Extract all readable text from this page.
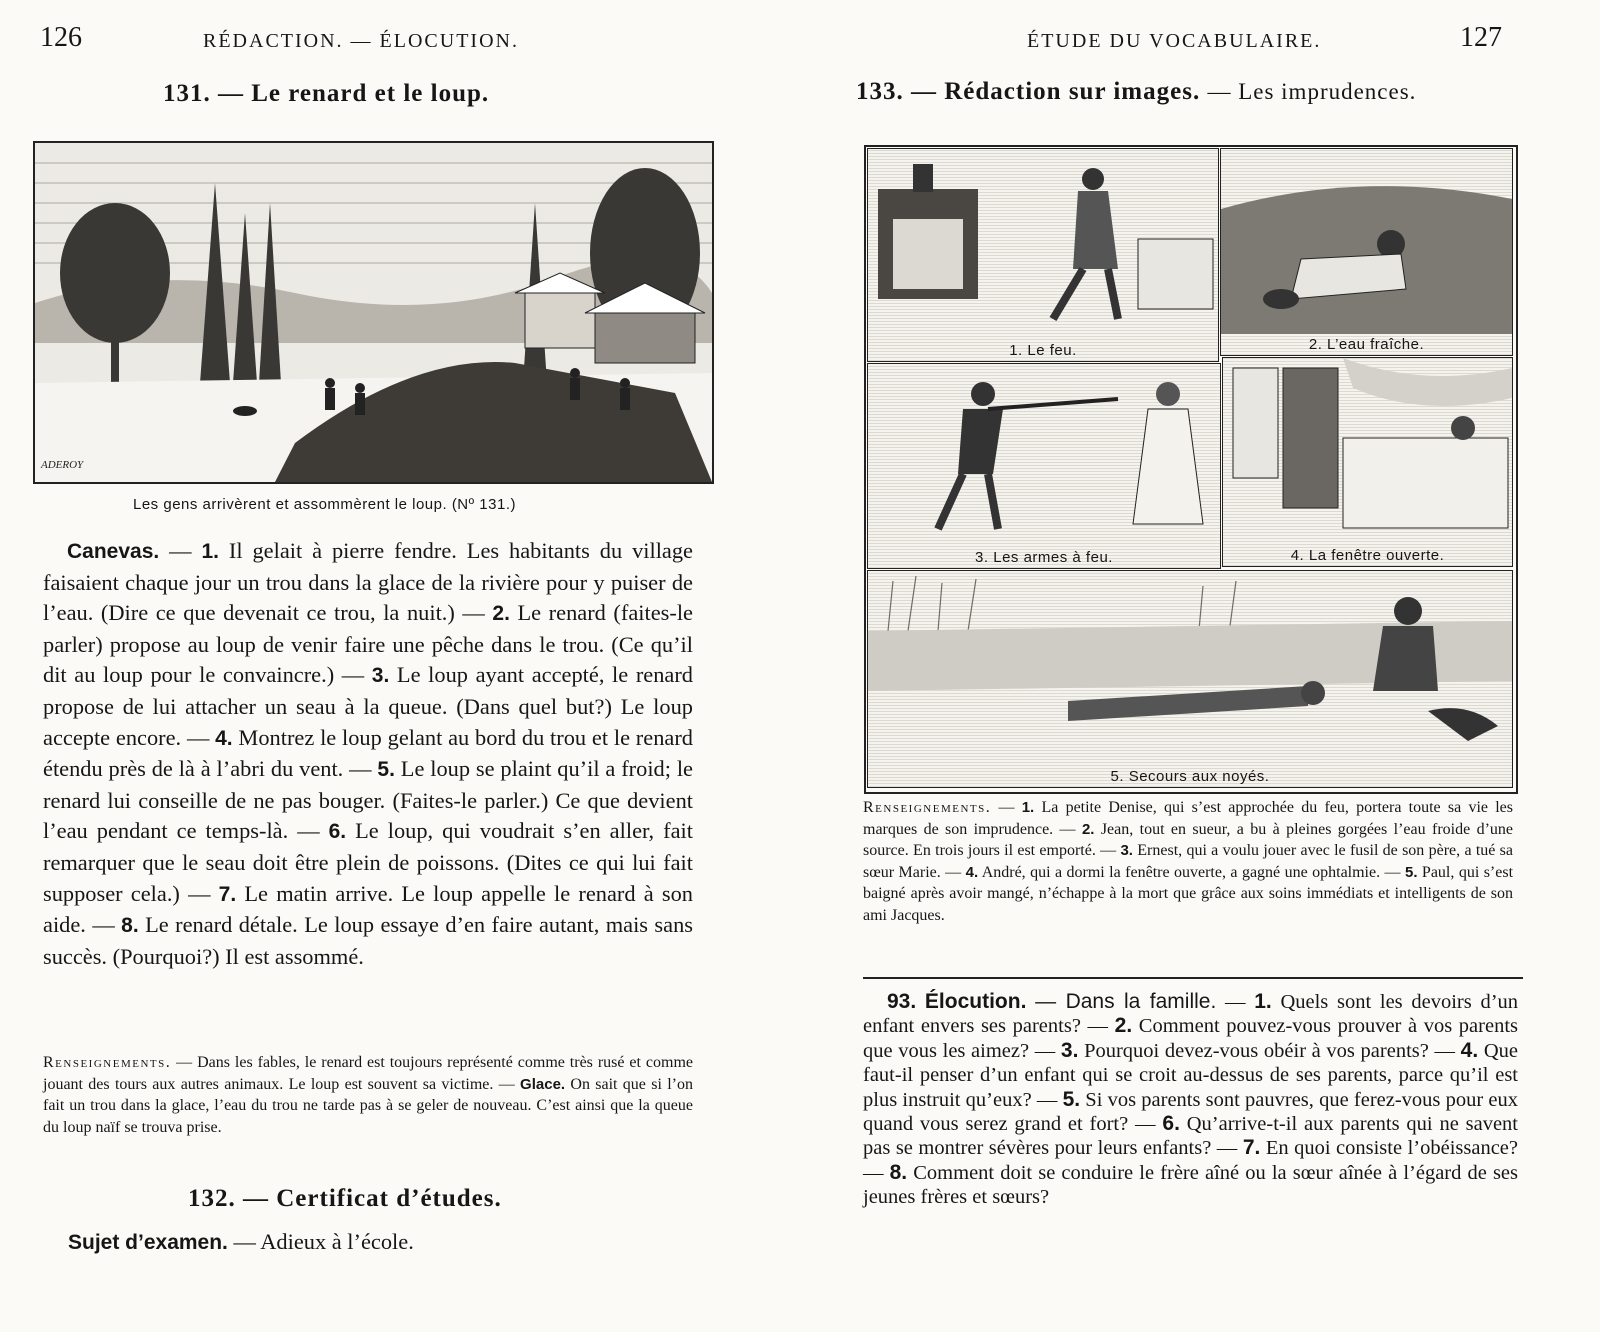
126	RÉDACTION. — ÉLOCUTION.
131. — Le renard et le loup.
ADEROY
Les gens arrivèrent et assommèrent le loup. (Nº 131.)

Canevas. — 1. Il gelait à pierre fendre. Les habitants du village faisaient chaque jour un trou dans la glace de la rivière pour y puiser de l’eau. (Dire ce que devenait ce trou, la nuit.) — 2. Le renard (faites-le parler) propose au loup de venir faire une pêche dans le trou. (Ce qu’il dit au loup pour le convaincre.) — 3. Le loup ayant accepté, le renard propose de lui attacher un seau à la queue. (Dans quel but?) Le loup accepte encore. — 4. Montrez le loup gelant au bord du trou et le renard étendu près de là à l’abri du vent. — 5. Le loup se plaint qu’il a froid; le renard lui conseille de ne pas bouger. (Faites-le parler.) Ce que devient l’eau pendant ce temps-là. — 6. Le loup, qui voudrait s’en aller, fait remarquer que le seau doit être plein de poissons. (Dites ce qui lui fait supposer cela.) — 7. Le matin arrive. Le loup appelle le renard à son aide. — 8. Le renard détale. Le loup essaye d’en faire autant, mais sans succès. (Pourquoi?) Il est assommé.

Renseignements. — Dans les fables, le renard est toujours représenté comme très rusé et comme jouant des tours aux autres animaux. Le loup est souvent sa victime. — Glace. On sait que si l’on fait un trou dans la glace, l’eau du trou ne tarde pas à se geler de nouveau. C’est ainsi que la queue du loup naïf se trouva prise.
132. — Certificat d’études.
Sujet d’examen. — Adieux à l’école.
ÉTUDE DU VOCABULAIRE.	127
133. — Rédaction sur images. — Les imprudences.
1. Le feu.	2. L’eau fraîche.
3. Les armes à feu.	4. La fenêtre ouverte.
5. Secours aux noyés.
Renseignements. — 1. La petite Denise, qui s’est approchée du feu, portera toute sa vie les marques de son imprudence. — 2. Jean, tout en sueur, a bu à pleines gorgées l’eau froide d’une source. En trois jours il est emporté. — 3. Ernest, qui a voulu jouer avec le fusil de son père, a tué sa sœur Marie. — 4. André, qui a dormi la fenêtre ouverte, a gagné une ophtalmie. — 5. Paul, qui s’est baigné après avoir mangé, n’échappe à la mort que grâce aux soins immédiats et intelligents de son ami Jacques.

93. Élocution. — Dans la famille. — 1. Quels sont les devoirs d’un enfant envers ses parents? — 2. Comment pouvez-vous prouver à vos parents que vous les aimez? — 3. Pourquoi devez-vous obéir à vos parents? — 4. Que faut-il penser d’un enfant qui se croit au-dessus de ses parents, parce qu’il est plus instruit qu’eux? — 5. Si vos parents sont pauvres, que ferez-vous pour eux quand vous serez grand et fort? — 6. Qu’arrive-t-il aux parents qui ne savent pas se montrer sévères pour leurs enfants? — 7. En quoi consiste l’obéissance? — 8. Comment doit se conduire le frère aîné ou la sœur aînée à l’égard de ses jeunes frères et sœurs?
